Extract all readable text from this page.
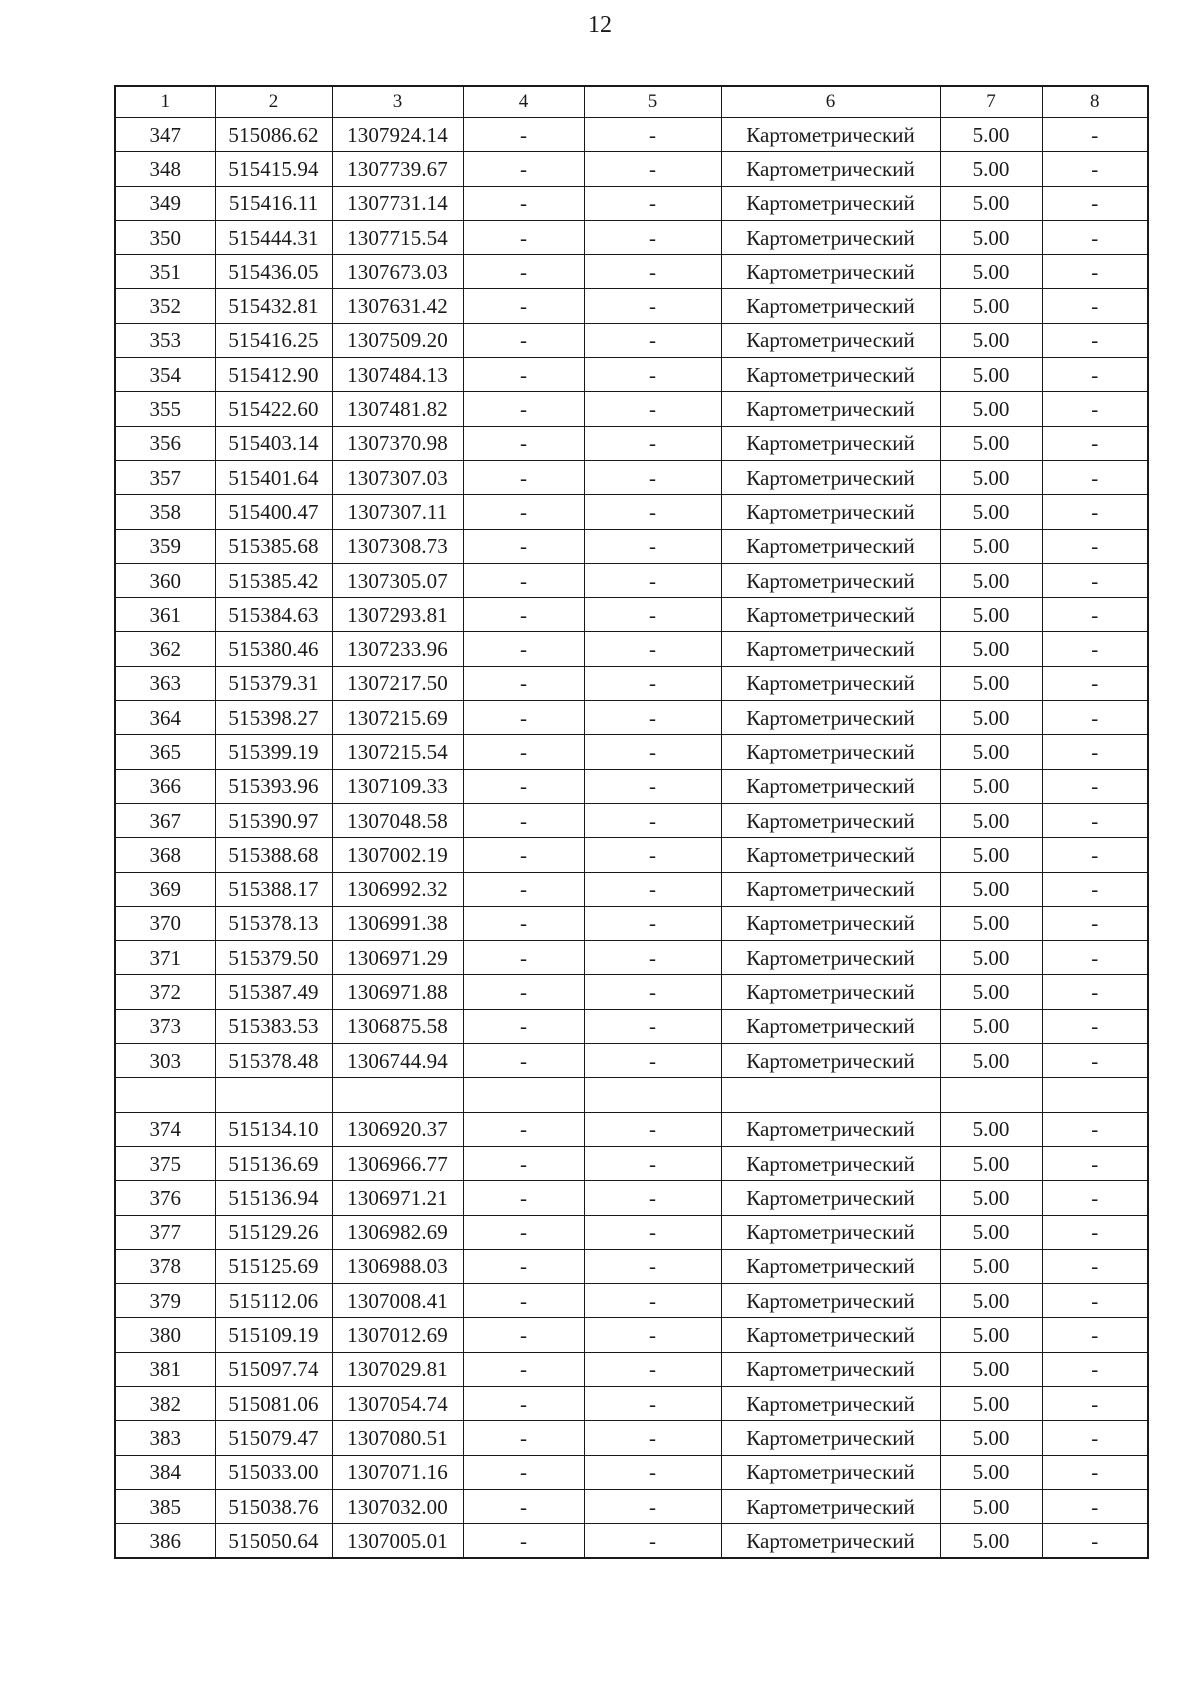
12
1	2	3	4	5	6	7	8
347	515086.62	1307924.14	-	-	Картометрический	5.00	-
348	515415.94	1307739.67	-	-	Картометрический	5.00	-
349	515416.11	1307731.14	-	-	Картометрический	5.00	-
350	515444.31	1307715.54	-	-	Картометрический	5.00	-
351	515436.05	1307673.03	-	-	Картометрический	5.00	-
352	515432.81	1307631.42	-	-	Картометрический	5.00	-
353	515416.25	1307509.20	-	-	Картометрический	5.00	-
354	515412.90	1307484.13	-	-	Картометрический	5.00	-
355	515422.60	1307481.82	-	-	Картометрический	5.00	-
356	515403.14	1307370.98	-	-	Картометрический	5.00	-
357	515401.64	1307307.03	-	-	Картометрический	5.00	-
358	515400.47	1307307.11	-	-	Картометрический	5.00	-
359	515385.68	1307308.73	-	-	Картометрический	5.00	-
360	515385.42	1307305.07	-	-	Картометрический	5.00	-
361	515384.63	1307293.81	-	-	Картометрический	5.00	-
362	515380.46	1307233.96	-	-	Картометрический	5.00	-
363	515379.31	1307217.50	-	-	Картометрический	5.00	-
364	515398.27	1307215.69	-	-	Картометрический	5.00	-
365	515399.19	1307215.54	-	-	Картометрический	5.00	-
366	515393.96	1307109.33	-	-	Картометрический	5.00	-
367	515390.97	1307048.58	-	-	Картометрический	5.00	-
368	515388.68	1307002.19	-	-	Картометрический	5.00	-
369	515388.17	1306992.32	-	-	Картометрический	5.00	-
370	515378.13	1306991.38	-	-	Картометрический	5.00	-
371	515379.50	1306971.29	-	-	Картометрический	5.00	-
372	515387.49	1306971.88	-	-	Картометрический	5.00	-
373	515383.53	1306875.58	-	-	Картометрический	5.00	-
303	515378.48	1306744.94	-	-	Картометрический	5.00	-

374	515134.10	1306920.37	-	-	Картометрический	5.00	-
375	515136.69	1306966.77	-	-	Картометрический	5.00	-
376	515136.94	1306971.21	-	-	Картометрический	5.00	-
377	515129.26	1306982.69	-	-	Картометрический	5.00	-
378	515125.69	1306988.03	-	-	Картометрический	5.00	-
379	515112.06	1307008.41	-	-	Картометрический	5.00	-
380	515109.19	1307012.69	-	-	Картометрический	5.00	-
381	515097.74	1307029.81	-	-	Картометрический	5.00	-
382	515081.06	1307054.74	-	-	Картометрический	5.00	-
383	515079.47	1307080.51	-	-	Картометрический	5.00	-
384	515033.00	1307071.16	-	-	Картометрический	5.00	-
385	515038.76	1307032.00	-	-	Картометрический	5.00	-
386	515050.64	1307005.01	-	-	Картометрический	5.00	-
